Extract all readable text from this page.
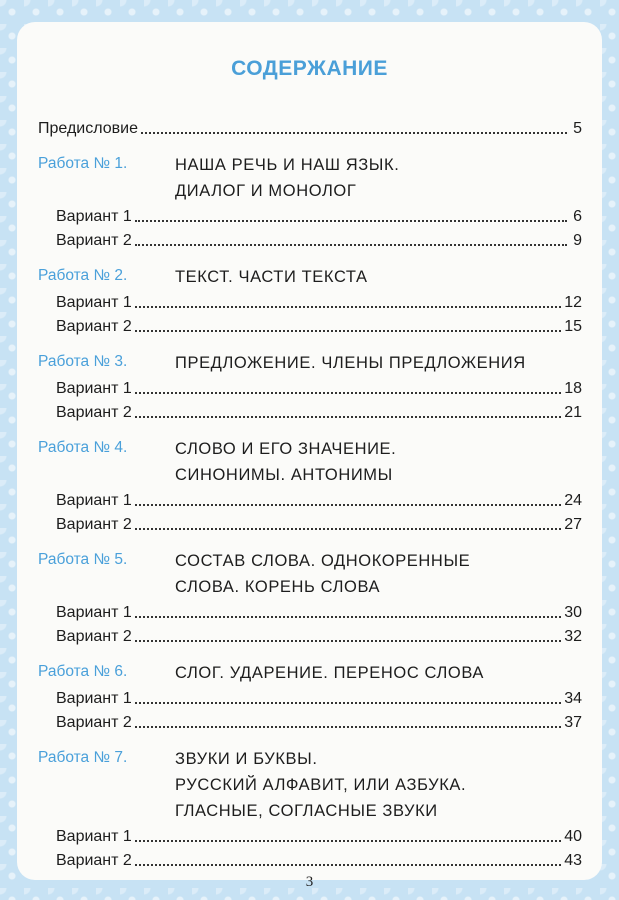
СОДЕРЖАНИЕ
Предисловие	5
Работа № 1.	НАША РЕЧЬ И НАШ ЯЗЫК.
ДИАЛОГ И МОНОЛОГ
Вариант 1	6
Вариант 2	9
Работа № 2.	ТЕКСТ. ЧАСТИ ТЕКСТА
Вариант 1	12
Вариант 2	15
Работа № 3.	ПРЕДЛОЖЕНИЕ. ЧЛЕНЫ ПРЕДЛОЖЕНИЯ
Вариант 1	18
Вариант 2	21
Работа № 4.	СЛОВО И ЕГО ЗНАЧЕНИЕ.
СИНОНИМЫ. АНТОНИМЫ
Вариант 1	24
Вариант 2	27
Работа № 5.	СОСТАВ СЛОВА. ОДНОКОРЕННЫЕ
СЛОВА. КОРЕНЬ СЛОВА
Вариант 1	30
Вариант 2	32
Работа № 6.	СЛОГ. УДАРЕНИЕ. ПЕРЕНОС СЛОВА
Вариант 1	34
Вариант 2	37
Работа № 7.	ЗВУКИ И БУКВЫ.
РУССКИЙ АЛФАВИТ, ИЛИ АЗБУКА.
ГЛАСНЫЕ, СОГЛАСНЫЕ ЗВУКИ
Вариант 1	40
Вариант 2	43
3
